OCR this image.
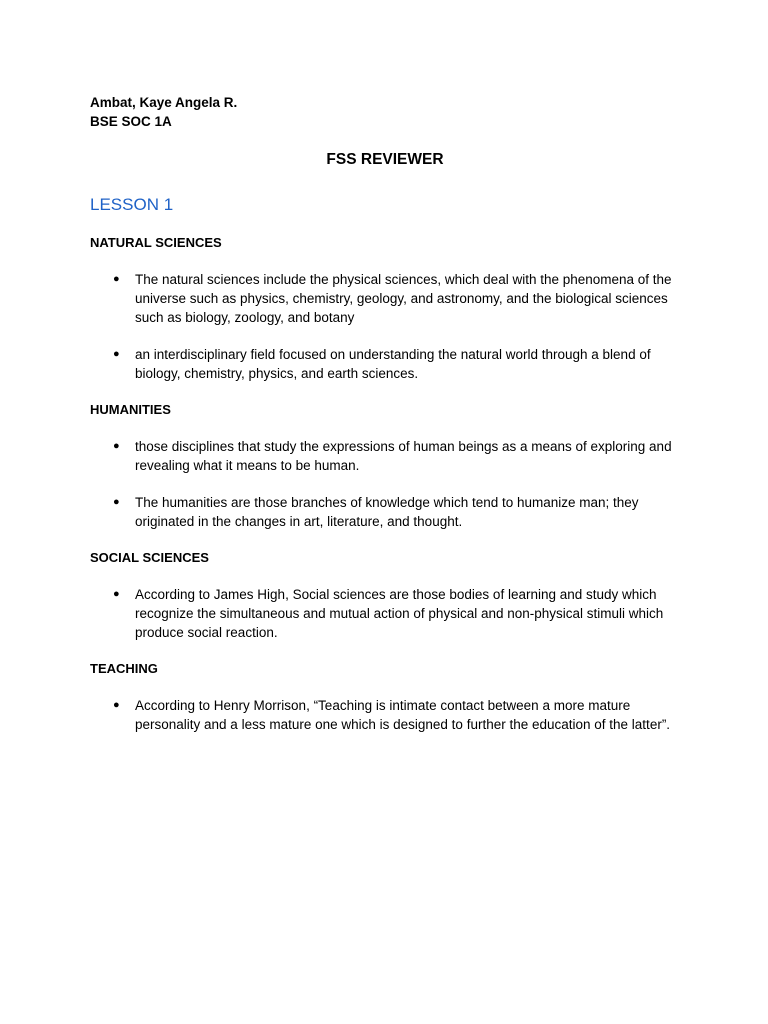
Ambat, Kaye Angela R.

BSE SOC 1A

FSS REVIEWER
LESSON 1
NATURAL SCIENCES
● The natural sciences include the physical sciences, which deal with the phenomena of the universe such as physics, chemistry, geology, and astronomy, and the biological sciences such as biology, zoology, and botany
● an interdisciplinary field focused on understanding the natural world through a blend of biology, chemistry, physics, and earth sciences.
HUMANITIES
● those disciplines that study the expressions of human beings as a means of exploring and revealing what it means to be human.
● The humanities are those branches of knowledge which tend to humanize man; they originated in the changes in art, literature, and thought.
SOCIAL SCIENCES
● According to James High, Social sciences are those bodies of learning and study which recognize the simultaneous and mutual action of physical and non-physical stimuli which produce social reaction.
TEACHING
● According to Henry Morrison, “Teaching is intimate contact between a more mature personality and a less mature one which is designed to further the education of the latter”.
